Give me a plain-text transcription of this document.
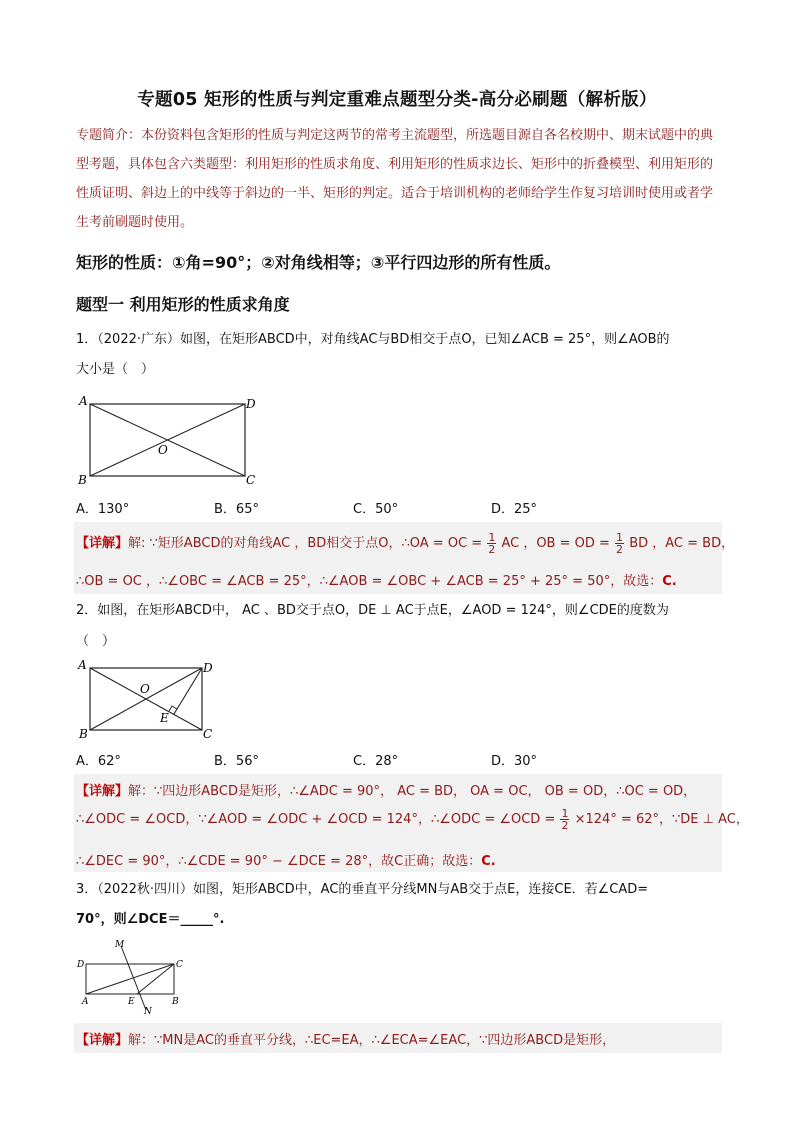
专题05 矩形的性质与判定重难点题型分类-高分必刷题（解析版）
专题简介：本份资料包含矩形的性质与判定这两节的常考主流题型，所选题目源自各名校期中、期末试题中的典型考题，具体包含六类题型：利用矩形的性质求角度、利用矩形的性质求边长、矩形中的折叠模型、利用矩形的性质证明、斜边上的中线等于斜边的一半、矩形的判定。适合于培训机构的老师给学生作复习培训时使用或者学生考前刷题时使用。
矩形的性质：①角=90°；②对角线相等；③平行四边形的所有性质。
题型一 利用矩形的性质求角度
1．（2022·广东）如图，在矩形ABCD中，对角线AC与BD相交于点O，已知∠ACB = 25°，则∠AOB的
大小是（　）
A	D
B	C
O
A．130°	B．65°	C．50°	D．25°
【详解】解: ∵矩形ABCD的对角线AC ，BD相交于点O，∴OA = OC = $\frac{1}{2}$ AC ，OB = OD = $\frac{1}{2}$ BD ，AC = BD，
∴OB = OC ，∴∠OBC = ∠ACB = 25°，∴∠AOB = ∠OBC + ∠ACB = 25° + 25° = 50°，故选：C.
2．如图，在矩形ABCD中， AC 、BD交于点O，DE ⊥ AC于点E，∠AOD = 124°，则∠CDE的度数为
（　）
A	D
B	C
O
E
A．62°	B．56°	C．28°	D．30°
【详解】解：∵四边形ABCD是矩形，∴∠ADC = 90°， AC = BD， OA = OC， OB = OD，∴OC = OD，
∴∠ODC = ∠OCD，∵∠AOD = ∠ODC + ∠OCD = 124°，∴∠ODC = ∠OCD = $\frac{1}{2} \times 124^\circ = 62^\circ$，∵DE ⊥ AC，
∴∠DEC = 90°，∴∠CDE = 90° − ∠DCE = 28°，故C正确；故选：C.
3．（2022秋·四川）如图，矩形ABCD中，AC的垂直平分线MN与AB交于点E，连接CE．若∠CAD=
70°，则∠DCE＝_____°.
M
D	C
A	E
N
B
【详解】解：∵MN是AC的垂直平分线，∴EC=EA，∴∠ECA=∠EAC，∵四边形ABCD是矩形，
